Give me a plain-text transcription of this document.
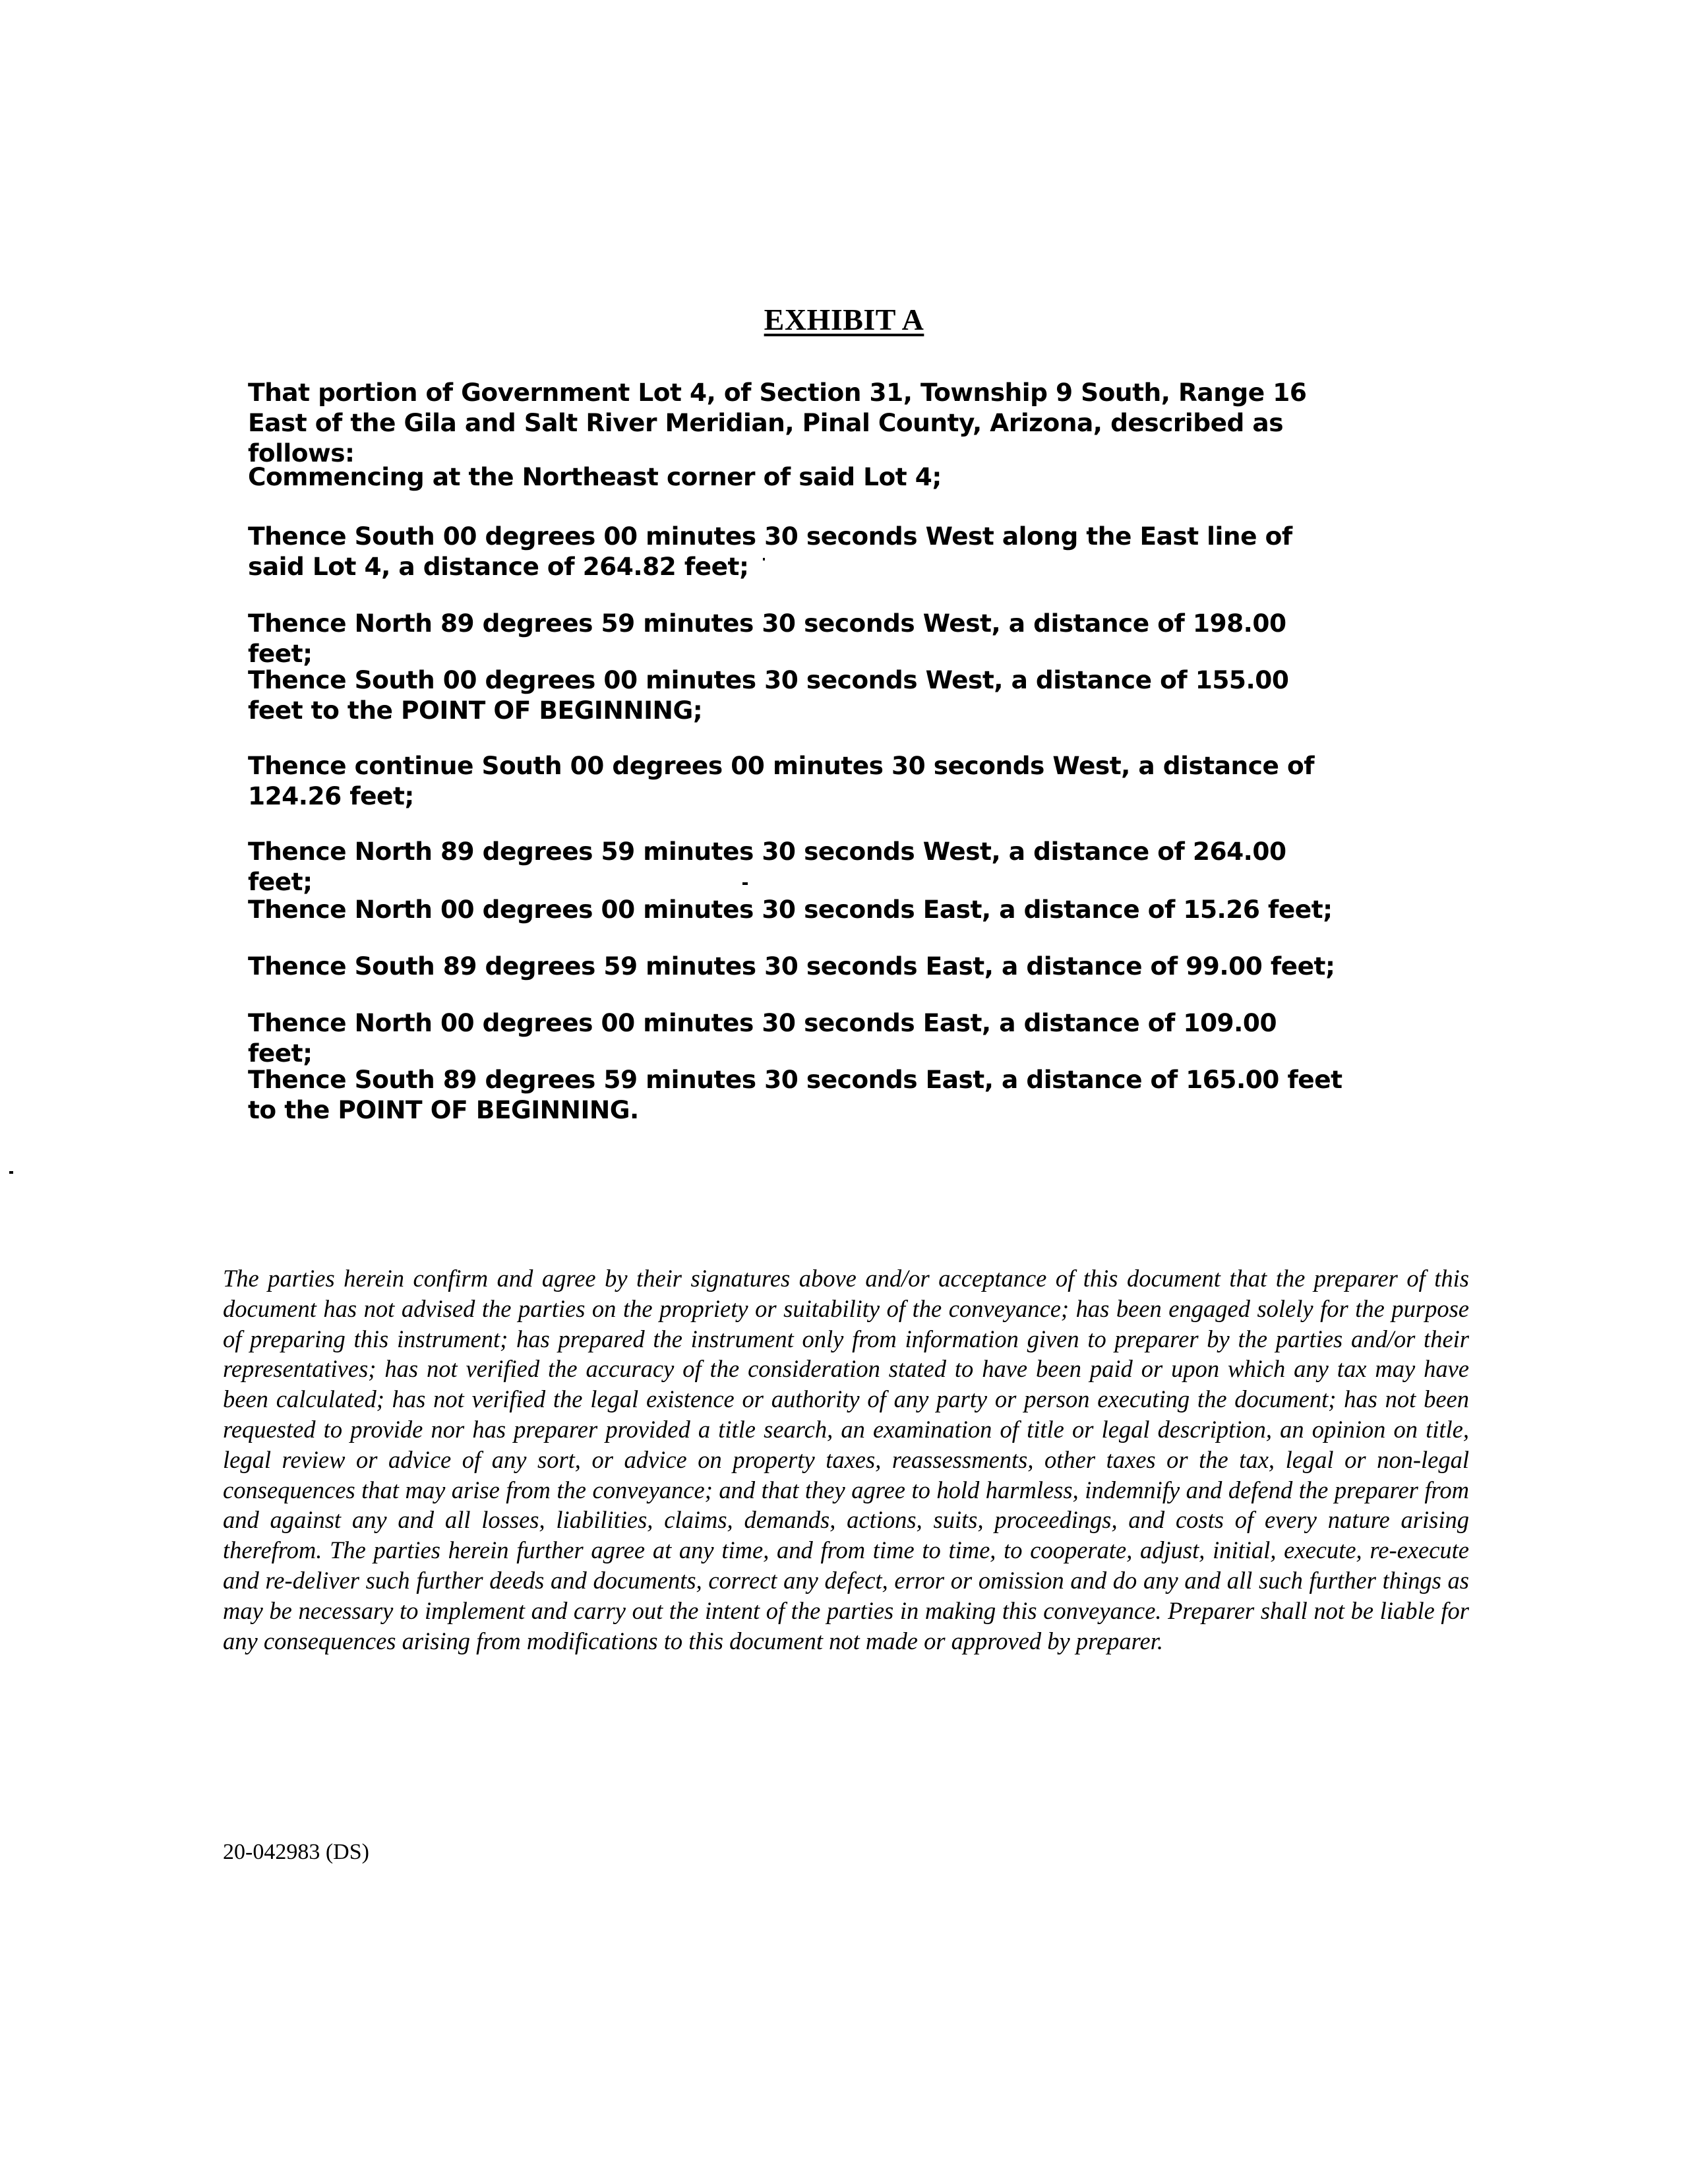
EXHIBIT A

That portion of Government Lot 4, of Section 31, Township 9 South, Range 16 East of the Gila and Salt River Meridian, Pinal County, Arizona, described as follows:

Commencing at the Northeast corner of said Lot 4;

Thence South 00 degrees 00 minutes 30 seconds West along the East line of said Lot 4, a distance of 264.82 feet;

Thence North 89 degrees 59 minutes 30 seconds West, a distance of 198.00 feet;

Thence South 00 degrees 00 minutes 30 seconds West, a distance of 155.00 feet to the POINT OF BEGINNING;

Thence continue South 00 degrees 00 minutes 30 seconds West, a distance of 124.26 feet;

Thence North 89 degrees 59 minutes 30 seconds West, a distance of 264.00 feet;

Thence North 00 degrees 00 minutes 30 seconds East, a distance of 15.26 feet;

Thence South 89 degrees 59 minutes 30 seconds East, a distance of 99.00 feet;

Thence North 00 degrees 00 minutes 30 seconds East, a distance of 109.00 feet;

Thence South 89 degrees 59 minutes 30 seconds East, a distance of 165.00 feet to the POINT OF BEGINNING.

The parties herein confirm and agree by their signatures above and/or acceptance of this document that the preparer of this document has not advised the parties on the propriety or suitability of the conveyance; has been engaged solely for the purpose of preparing this instrument; has prepared the instrument only from information given to preparer by the parties and/or their representatives; has not verified the accuracy of the consideration stated to have been paid or upon which any tax may have been calculated; has not verified the legal existence or authority of any party or person executing the document; has not been requested to provide nor has preparer provided a title search, an examination of title or legal description, an opinion on title, legal review or advice of any sort, or advice on property taxes, reassessments, other taxes or the tax, legal or non-legal consequences that may arise from the conveyance; and that they agree to hold harmless, indemnify and defend the preparer from and against any and all losses, liabilities, claims, demands, actions, suits, proceedings, and costs of every nature arising therefrom. The parties herein further agree at any time, and from time to time, to cooperate, adjust, initial, execute, re-execute and re-deliver such further deeds and documents, correct any defect, error or omission and do any and all such further things as may be necessary to implement and carry out the intent of the parties in making this conveyance. Preparer shall not be liable for any consequences arising from modifications to this document not made or approved by preparer.

20-042983 (DS)
